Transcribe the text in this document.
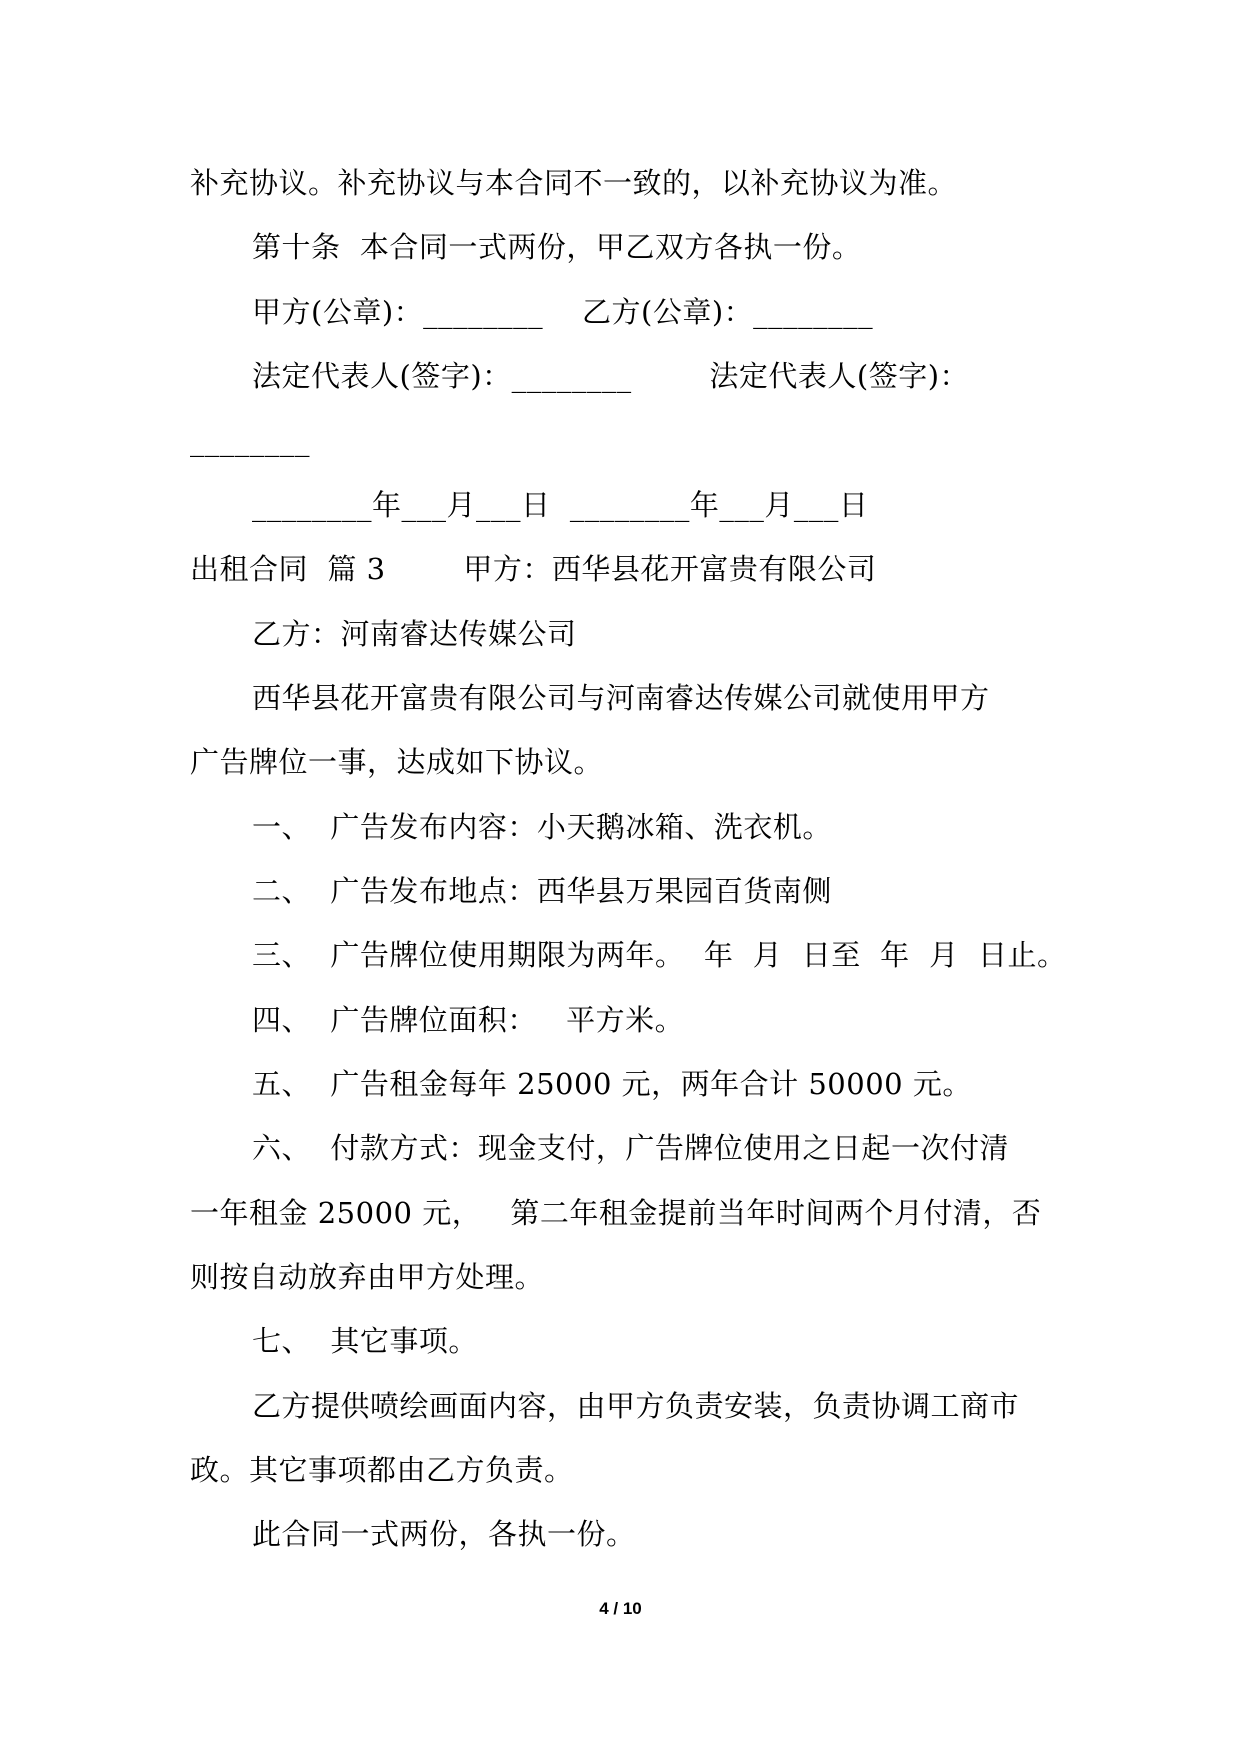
补充协议。补充协议与本合同不一致的，以补充协议为准。
第十条  本合同一式两份，甲乙双方各执一份。
甲方(公章)：________    乙方(公章)：________
法定代表人(签字)：________        法定代表人(签字)：
________
________年___月___日  ________年___月___日
出租合同  篇 3        甲方：西华县花开富贵有限公司
乙方：河南睿达传媒公司
西华县花开富贵有限公司与河南睿达传媒公司就使用甲方
广告牌位一事，达成如下协议。
一、  广告发布内容：小天鹅冰箱、洗衣机。
二、  广告发布地点：西华县万果园百货南侧
三、  广告牌位使用期限为两年。  年  月  日至  年  月  日止。
四、  广告牌位面积：   平方米。
五、  广告租金每年 25000 元，两年合计 50000 元。
六、  付款方式：现金支付，广告牌位使用之日起一次付清
一年租金 25000 元，   第二年租金提前当年时间两个月付清，否
则按自动放弃由甲方处理。
七、  其它事项。
乙方提供喷绘画面内容，由甲方负责安装，负责协调工商市
政。其它事项都由乙方负责。
此合同一式两份，各执一份。
4 / 10
